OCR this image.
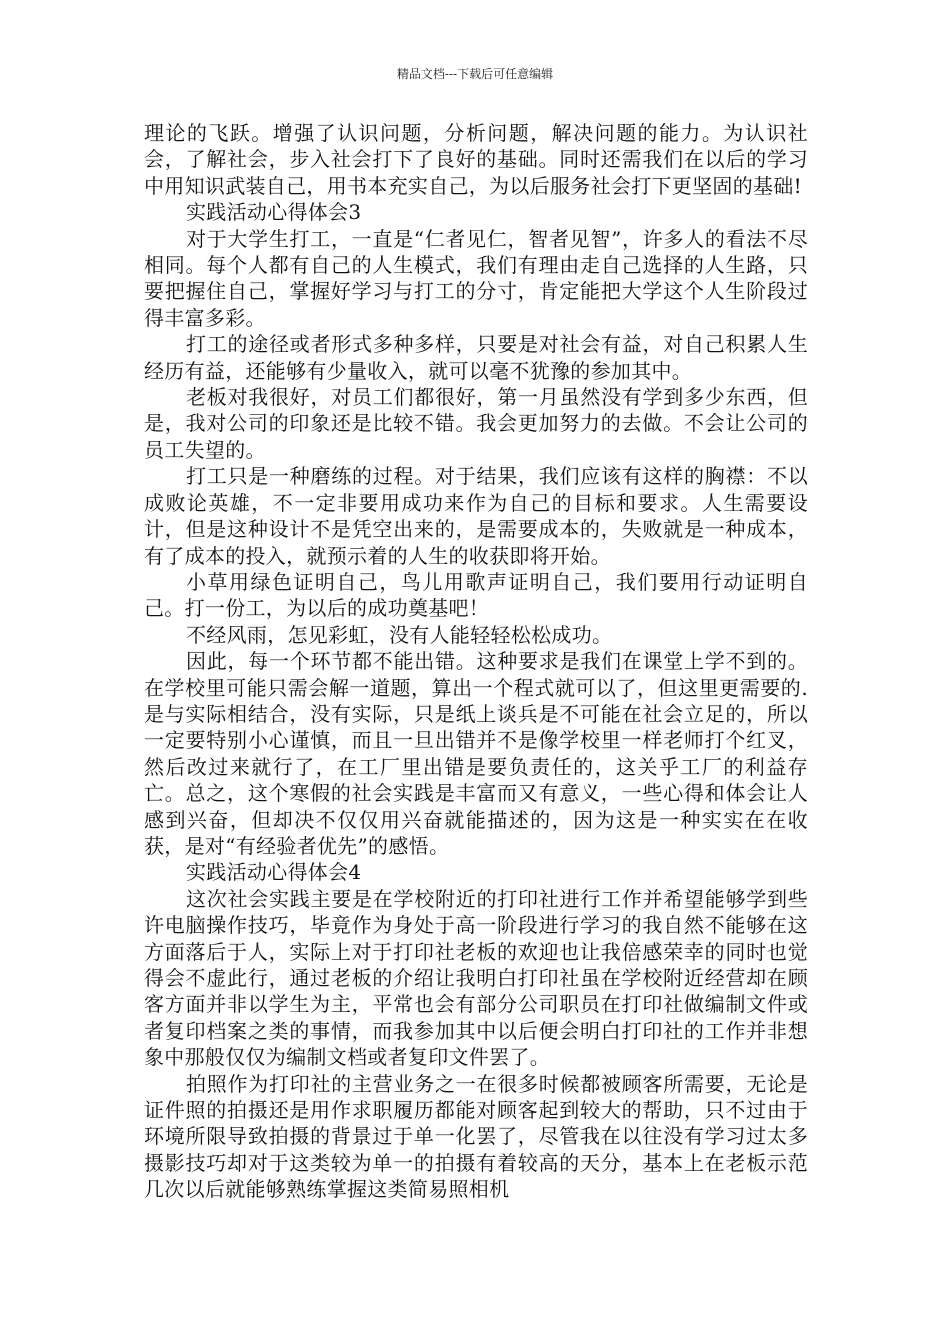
精品文档---下载后可任意编辑

理论的飞跃。增强了认识问题，分析问题，解决问题的能力。为认识社会，了解社会，步入社会打下了良好的基础。同时还需我们在以后的学习中用知识武装自己，用书本充实自己，为以后服务社会打下更坚固的基础!

实践活动心得体会3

对于大学生打工，一直是“仁者见仁，智者见智”，许多人的看法不尽相同。每个人都有自己的人生模式，我们有理由走自己选择的人生路，只要把握住自己，掌握好学习与打工的分寸，肯定能把大学这个人生阶段过得丰富多彩。

打工的途径或者形式多种多样，只要是对社会有益，对自己积累人生经历有益，还能够有少量收入，就可以毫不犹豫的参加其中。

老板对我很好，对员工们都很好，第一月虽然没有学到多少东西，但是，我对公司的印象还是比较不错。我会更加努力的去做。不会让公司的员工失望的。

打工只是一种磨练的过程。对于结果，我们应该有这样的胸襟：不以成败论英雄，不一定非要用成功来作为自己的目标和要求。人生需要设计，但是这种设计不是凭空出来的，是需要成本的，失败就是一种成本，有了成本的投入，就预示着的人生的收获即将开始。

小草用绿色证明自己，鸟儿用歌声证明自己，我们要用行动证明自己。打一份工，为以后的成功奠基吧！

不经风雨，怎见彩虹，没有人能轻轻松松成功。

因此，每一个环节都不能出错。这种要求是我们在课堂上学不到的。在学校里可能只需会解一道题，算出一个程式就可以了，但这里更需要的.是与实际相结合，没有实际，只是纸上谈兵是不可能在社会立足的，所以一定要特别小心谨慎，而且一旦出错并不是像学校里一样老师打个红叉，然后改过来就行了，在工厂里出错是要负责任的，这关乎工厂的利益存亡。总之，这个寒假的社会实践是丰富而又有意义，一些心得和体会让人感到兴奋，但却决不仅仅用兴奋就能描述的，因为这是一种实实在在收获，是对“有经验者优先”的感悟。

实践活动心得体会4

这次社会实践主要是在学校附近的打印社进行工作并希望能够学到些许电脑操作技巧，毕竟作为身处于高一阶段进行学习的我自然不能够在这方面落后于人，实际上对于打印社老板的欢迎也让我倍感荣幸的同时也觉得会不虚此行，通过老板的介绍让我明白打印社虽在学校附近经营却在顾客方面并非以学生为主，平常也会有部分公司职员在打印社做编制文件或者复印档案之类的事情，而我参加其中以后便会明白打印社的工作并非想象中那般仅仅为编制文档或者复印文件罢了。

拍照作为打印社的主营业务之一在很多时候都被顾客所需要，无论是证件照的拍摄还是用作求职履历都能对顾客起到较大的帮助，只不过由于环境所限导致拍摄的背景过于单一化罢了，尽管我在以往没有学习过太多摄影技巧却对于这类较为单一的拍摄有着较高的天分，基本上在老板示范几次以后就能够熟练掌握这类简易照相机
